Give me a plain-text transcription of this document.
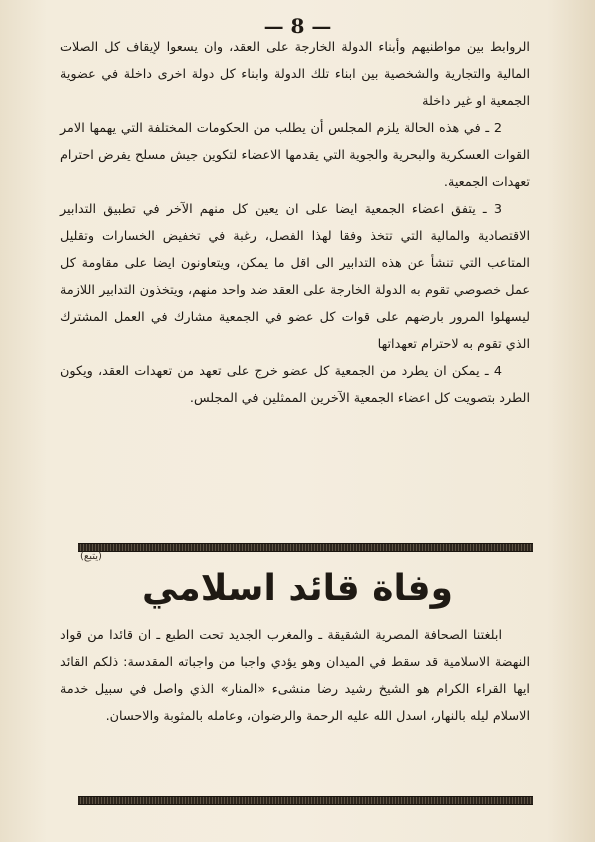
— 8 —

الروابط بين مواطنيهم وأبناء الدولة الخارجة على العقد، وان يسعوا لإيقاف كل الصلات المالية والتجارية والشخصية بين ابناء تلك الدولة وابناء كل دولة اخرى داخلة في عضوية الجمعية او غير داخلة

2 ـ في هذه الحالة يلزم المجلس أن يطلب من الحكومات المختلفة التي يهمها الامر القوات العسكرية والبحرية والجوية التي يقدمها الاعضاء لتكوين جيش مسلح يفرض احترام تعهدات الجمعية.

3 ـ يتفق اعضاء الجمعية ايضا على ان يعين كل منهم الآخر في تطبيق التدابير الاقتصادية والمالية التي تتخذ وفقا لهذا الفصل، رغبة في تخفيض الخسارات وتقليل المتاعب التي تنشأ عن هذه التدابير الى اقل ما يمكن، ويتعاونون ايضا على مقاومة كل عمل خصوصي تقوم به الدولة الخارجة على العقد ضد واحد منهم، ويتخذون التدابير اللازمة ليسهلوا المرور بارضهم على قوات كل عضو في الجمعية مشارك في العمل المشترك الذي تقوم به لاحترام تعهداتها

4 ـ يمكن ان يطرد من الجمعية كل عضو خرج على تعهد من تعهدات العقد، ويكون الطرد بتصويت كل اعضاء الجمعية الآخرين الممثلين في المجلس.

(يتبع)
وفاة قائد اسلامي

ابلغتنا الصحافة المصرية الشقيقة ـ والمغرب الجديد تحت الطبع ـ ان قائدا من قواد النهضة الاسلامية قد سقط في الميدان وهو يؤدي واجبا من واجباته المقدسة: ذلكم القائد ايها القراء الكرام هو الشيخ رشيد رضا منشىء «المنار» الذي واصل في سبيل خدمة الاسلام ليله بالنهار، اسدل الله عليه الرحمة والرضوان، وعامله بالمثوبة والاحسان.
